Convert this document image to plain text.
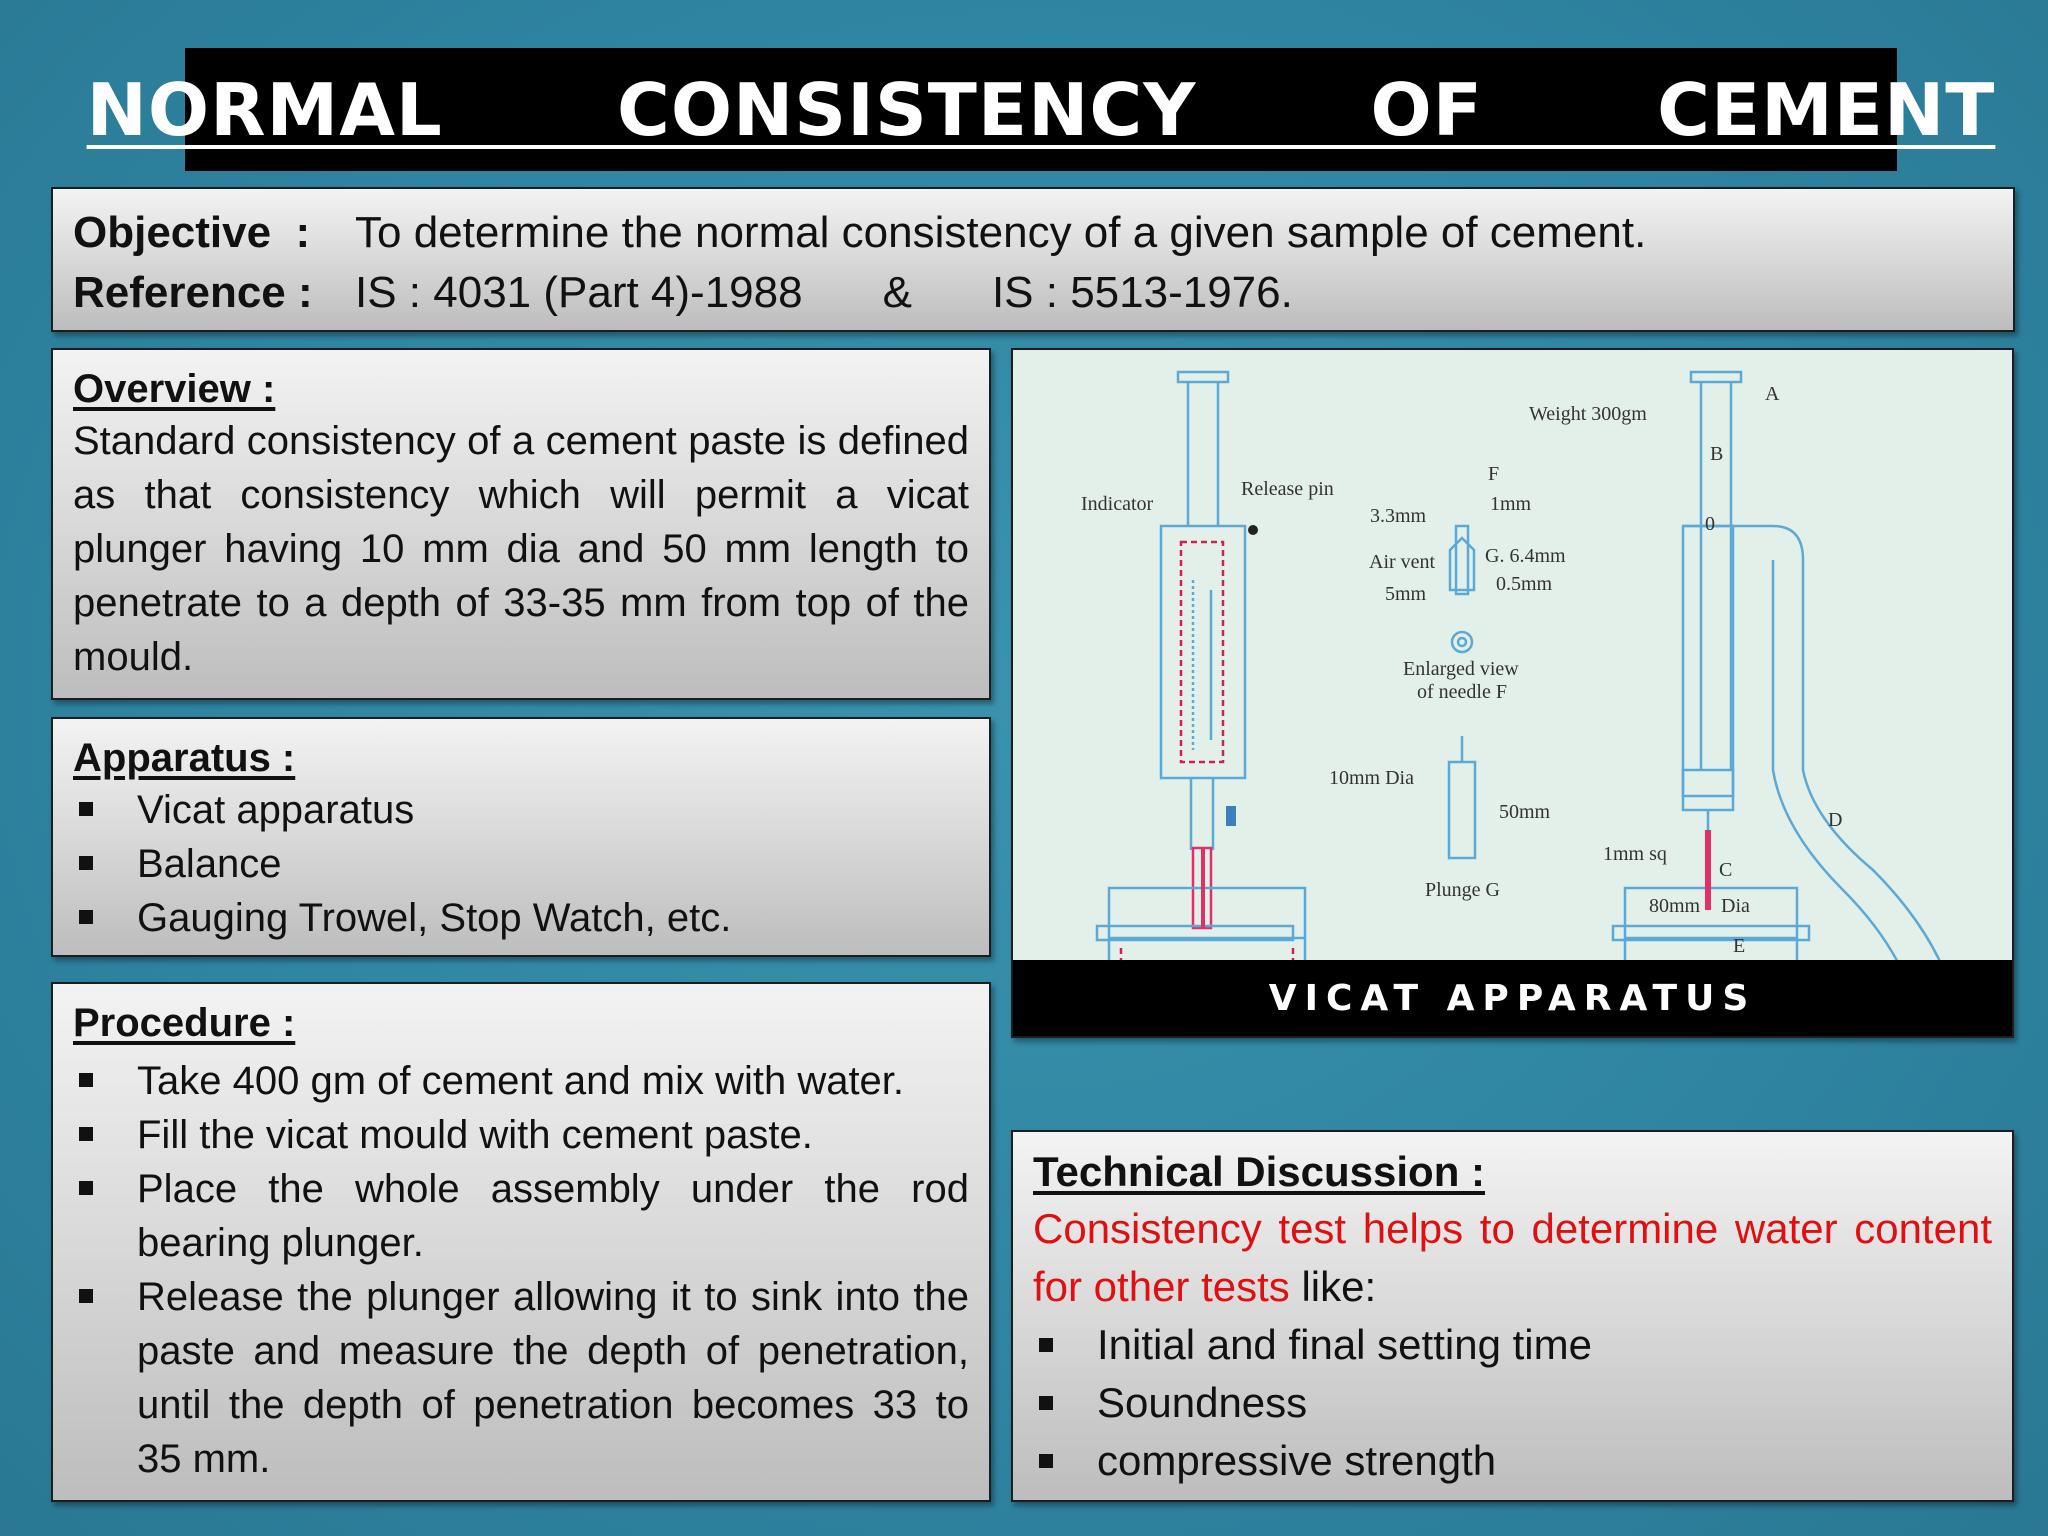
NORMAL   CONSISTENCY   OF   CEMENT
Objective  :	To determine the normal consistency of a given sample of cement.
Reference : IS : 4031 (Part 4)-1988 & IS : 5513-1976.
Overview :

Standard consistency of a cement paste is defined as that consistency which will permit a vicat plunger having 10 mm dia and 50 mm length to penetrate to a depth of 33-35 mm from top of the mould.

Apparatus :
Vicat apparatus
Balance
Gauging Trowel, Stop Watch, etc.
Procedure :
Take 400 gm of cement and mix with water.
Fill the vicat mould with cement paste.
Place the whole assembly under the rod bearing plunger.
Release the plunger allowing it to sink into the paste and measure the depth of penetration, until the depth of penetration becomes 33 to 35 mm.
Indicator
Release pin
Weight 300gm
A
B
0
C
D
E
F
3.3mm
1mm
G. 6.4mm
Air vent
0.5mm
5mm
Enlarged view
of needle F
10mm Dia
50mm
Plunge G
1mm sq
80mm Dia
VICAT APPARATUS
Technical Discussion :

Consistency test helps to determine water content for other tests like:

Initial and final setting time
Soundness
compressive strength
